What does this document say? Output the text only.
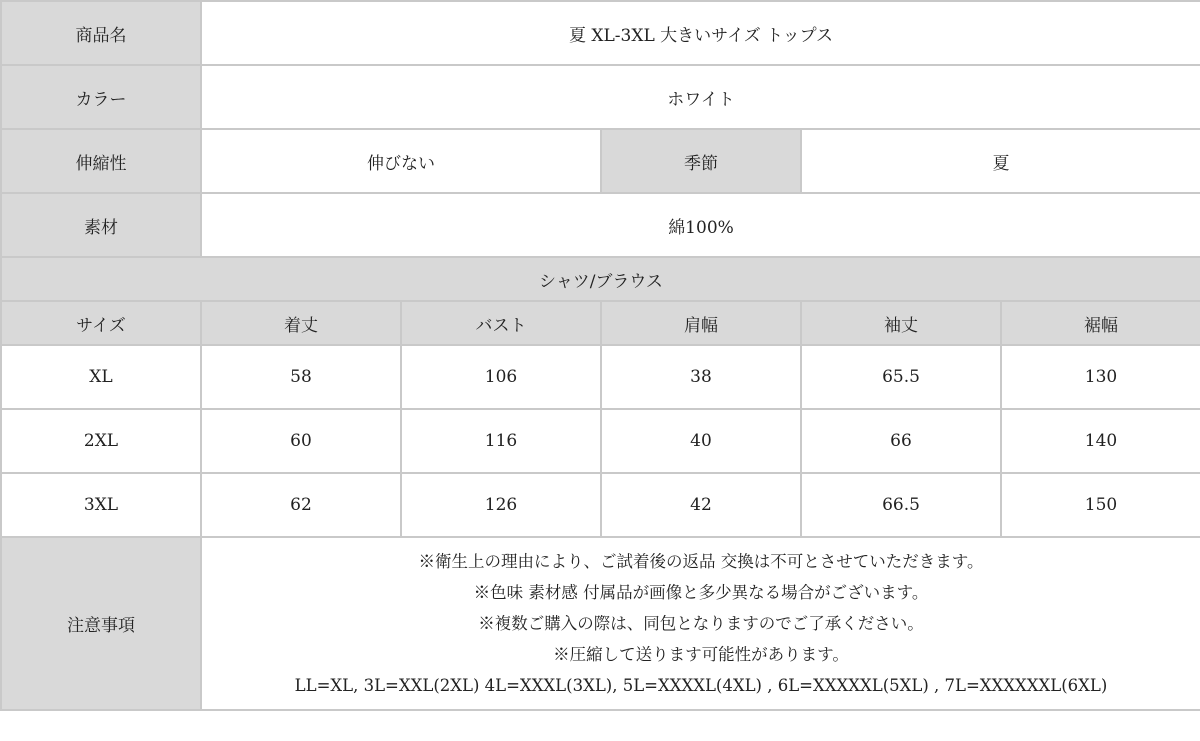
商品名	夏 XL-3XL 大きいサイズ トップス				
カラー	ホワイト				
伸縮性	伸びない		季節	夏	
素材	綿100%				
シャツ/ブラウス					
サイズ	着丈	バスト	肩幅	袖丈	裾幅
XL	58	106	38	65.5	130
2XL	60	116	40	66	140
3XL	62	126	42	66.5	150
注意事項	※衛生上の理由により、ご試着後の返品 交換は不可とさせていただきます。
※色味 素材感 付属品が画像と多少異なる場合がございます。
※複数ご購入の際は、同包となりますのでご了承ください。
※圧縮して送ります可能性があります。
LL=XL, 3L=XXL(2XL) 4L=XXXL(3XL), 5L=XXXXL(4XL) , 6L=XXXXXL(5XL) , 7L=XXXXXXL(6XL)				
